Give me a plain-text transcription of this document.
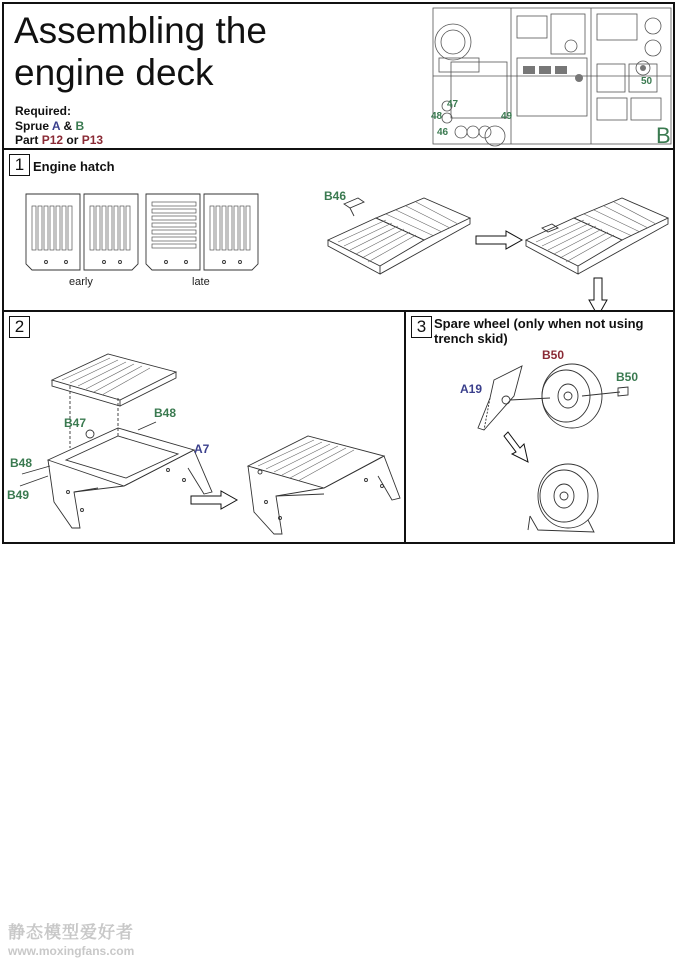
Assembling the
engine deck
Required:
Sprue A & B
Part P12 or P13
47
48	49
46
50
B
1 Engine hatch
early	late
B46
2
B47
B48
A7
B48
B49
3 Spare wheel (only when not using
trench skid)
B50
B50
A19
静态模型爱好者
www.moxingfans.com
